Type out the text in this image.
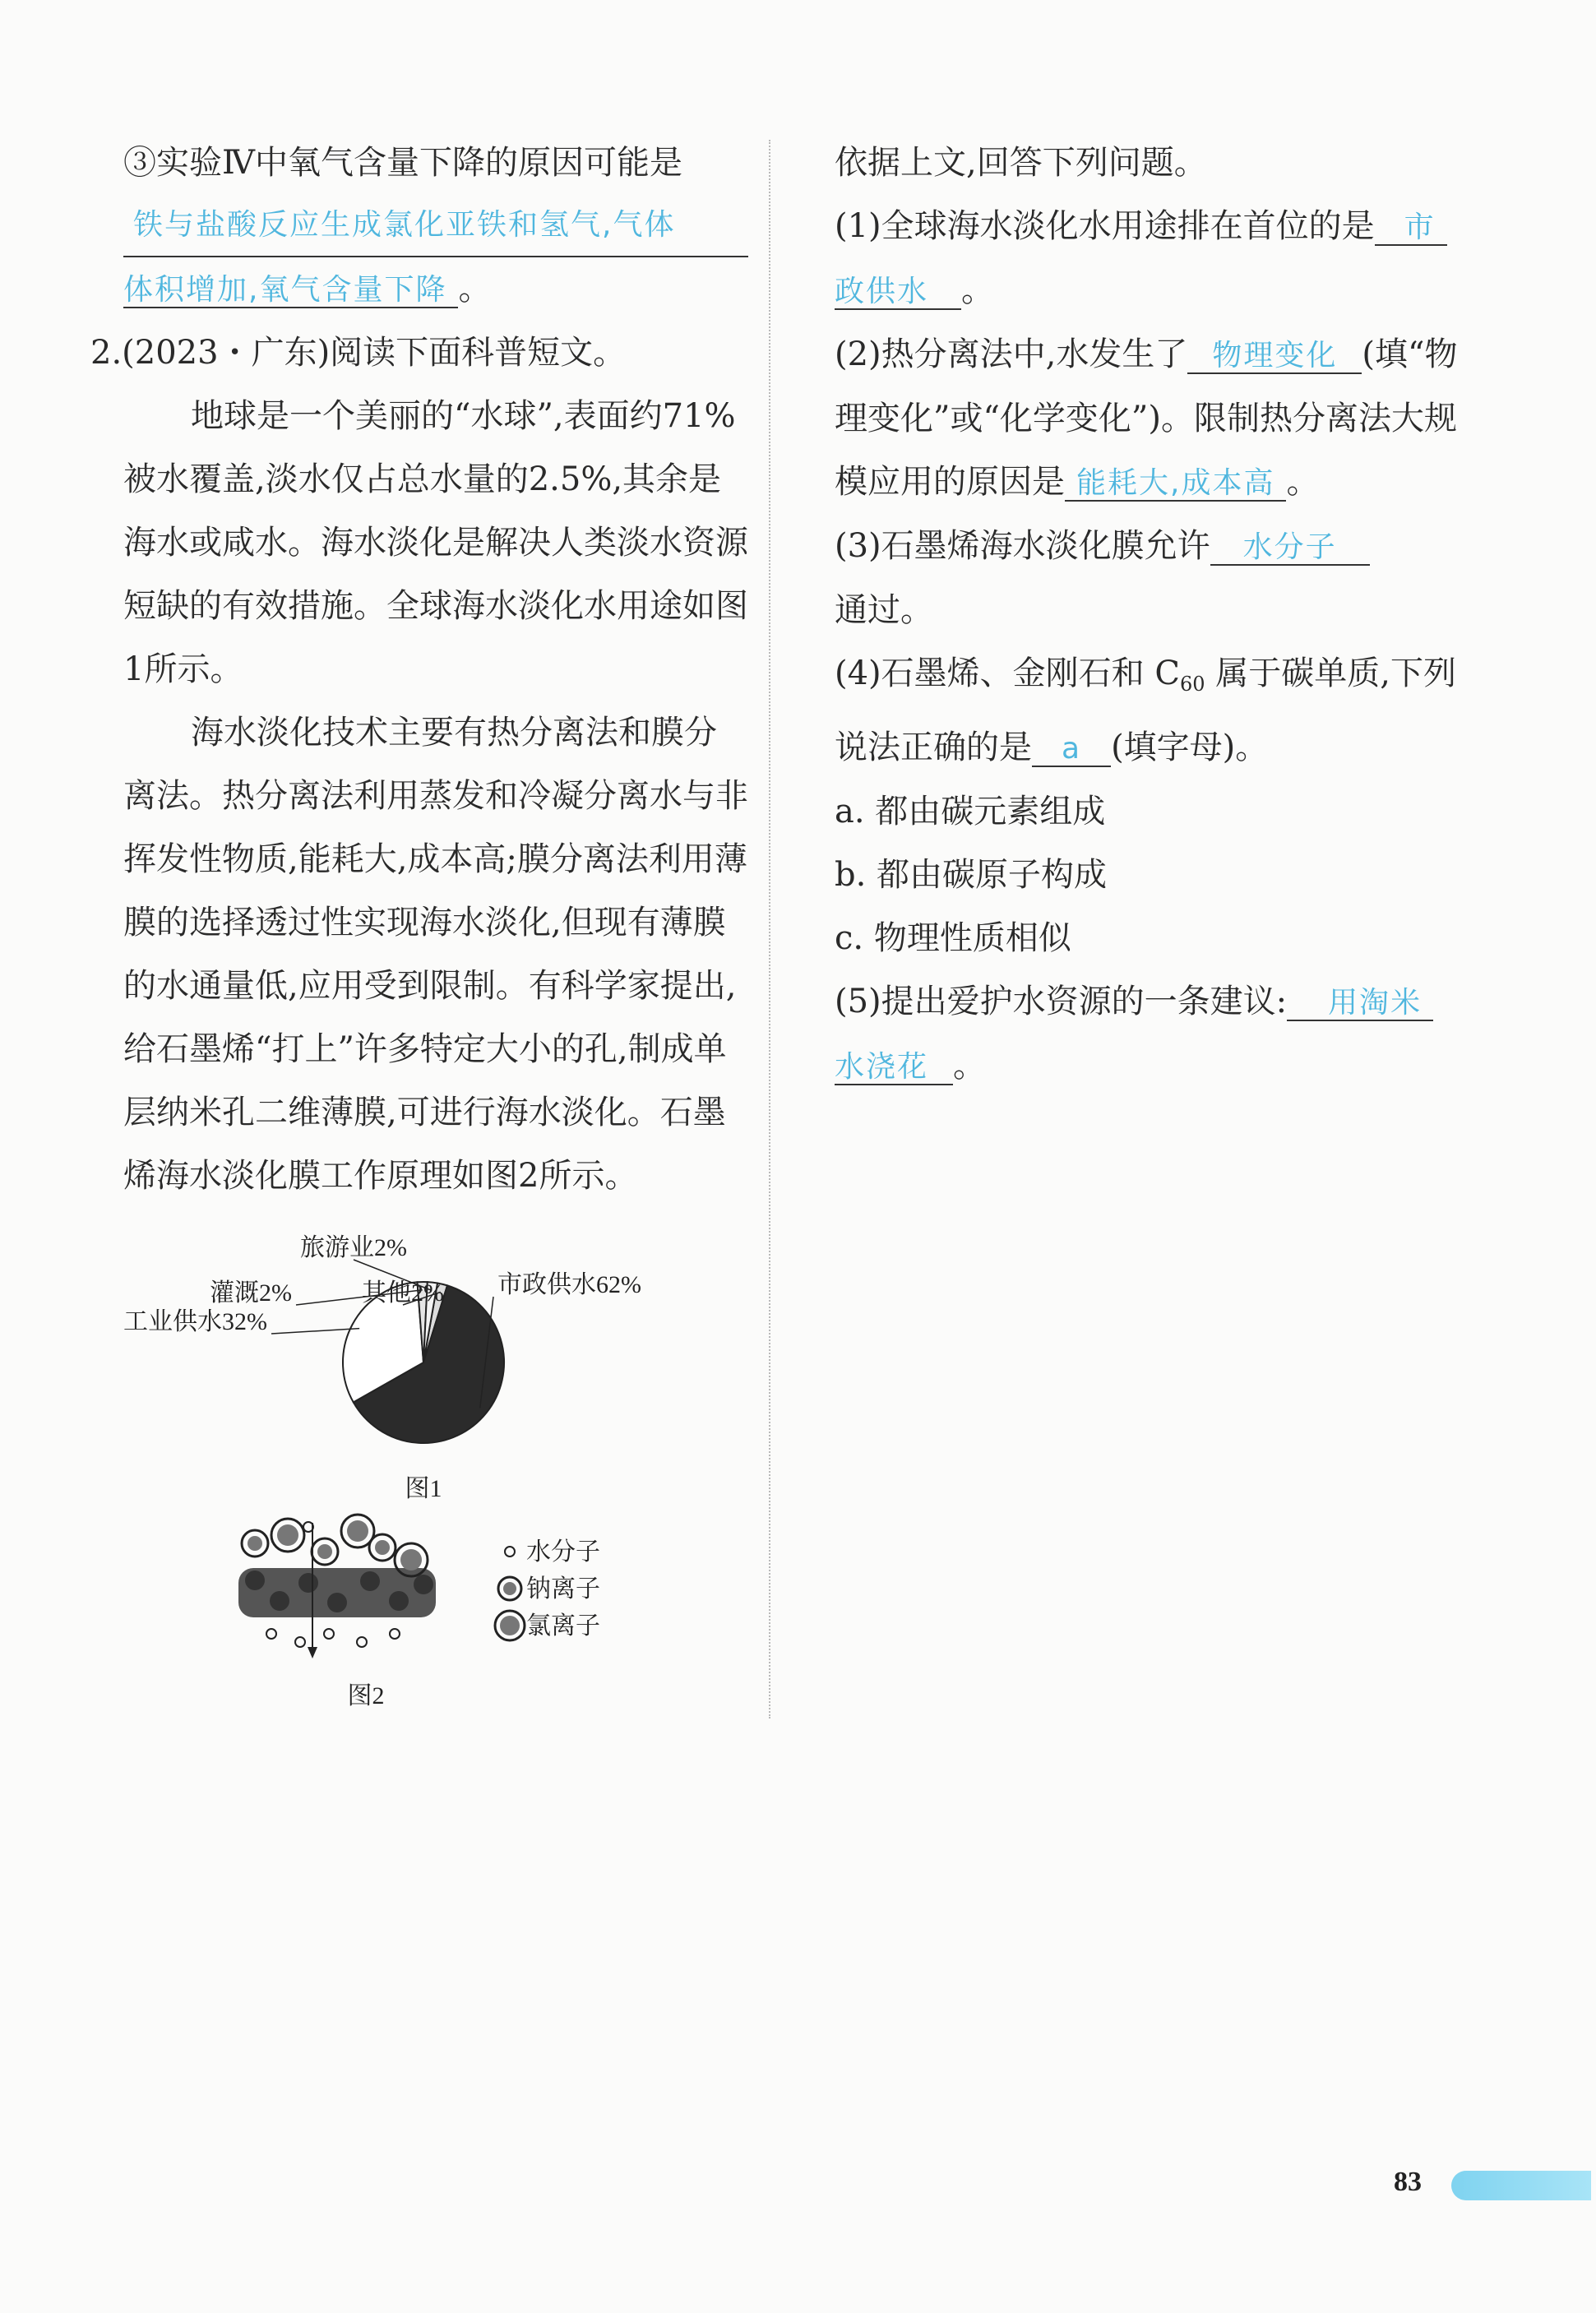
③实验Ⅳ中氧气含量下降的原因可能是

铁与盐酸反应生成氯化亚铁和氢气,气体

体积增加,氧气含量下降 。

2.(2023・广东)阅读下面科普短文。

地球是一个美丽的“水球”,表面约71%被水覆盖,淡水仅占总水量的2.5%,其余是海水或咸水。海水淡化是解决人类淡水资源短缺的有效措施。全球海水淡化水用途如图1所示。

海水淡化技术主要有热分离法和膜分离法。热分离法利用蒸发和冷凝分离水与非挥发性物质,能耗大,成本高;膜分离法利用薄膜的选择透过性实现海水淡化,但现有薄膜的水通量低,应用受到限制。有科学家提出,给石墨烯“打上”许多特定大小的孔,制成单层纳米孔二维薄膜,可进行海水淡化。石墨烯海水淡化膜工作原理如图2所示。

其他2% 市政供水62%
工业供水32%
灌溉2%
旅游业2%
图1
水分子
钠离子
氯离子
图2

依据上文,回答下列问题。

(1)全球海水淡化水用途排在首位的是 市

政供水 。

(2)热分离法中,水发生了 物理变化 (填“物理变化”或“化学变化”)。限制热分离法大规模应用的原因是 能耗大,成本高 。

(3)石墨烯海水淡化膜允许 水分子

通过。

(4)石墨烯、金刚石和 $C_{60}$ 属于碳单质,下列说法正确的是 a (填字母)。

a. 都由碳元素组成

b. 都由碳原子构成

c. 物理性质相似

(5)提出爱护水资源的一条建议: 用淘米

水浇花 。

83
